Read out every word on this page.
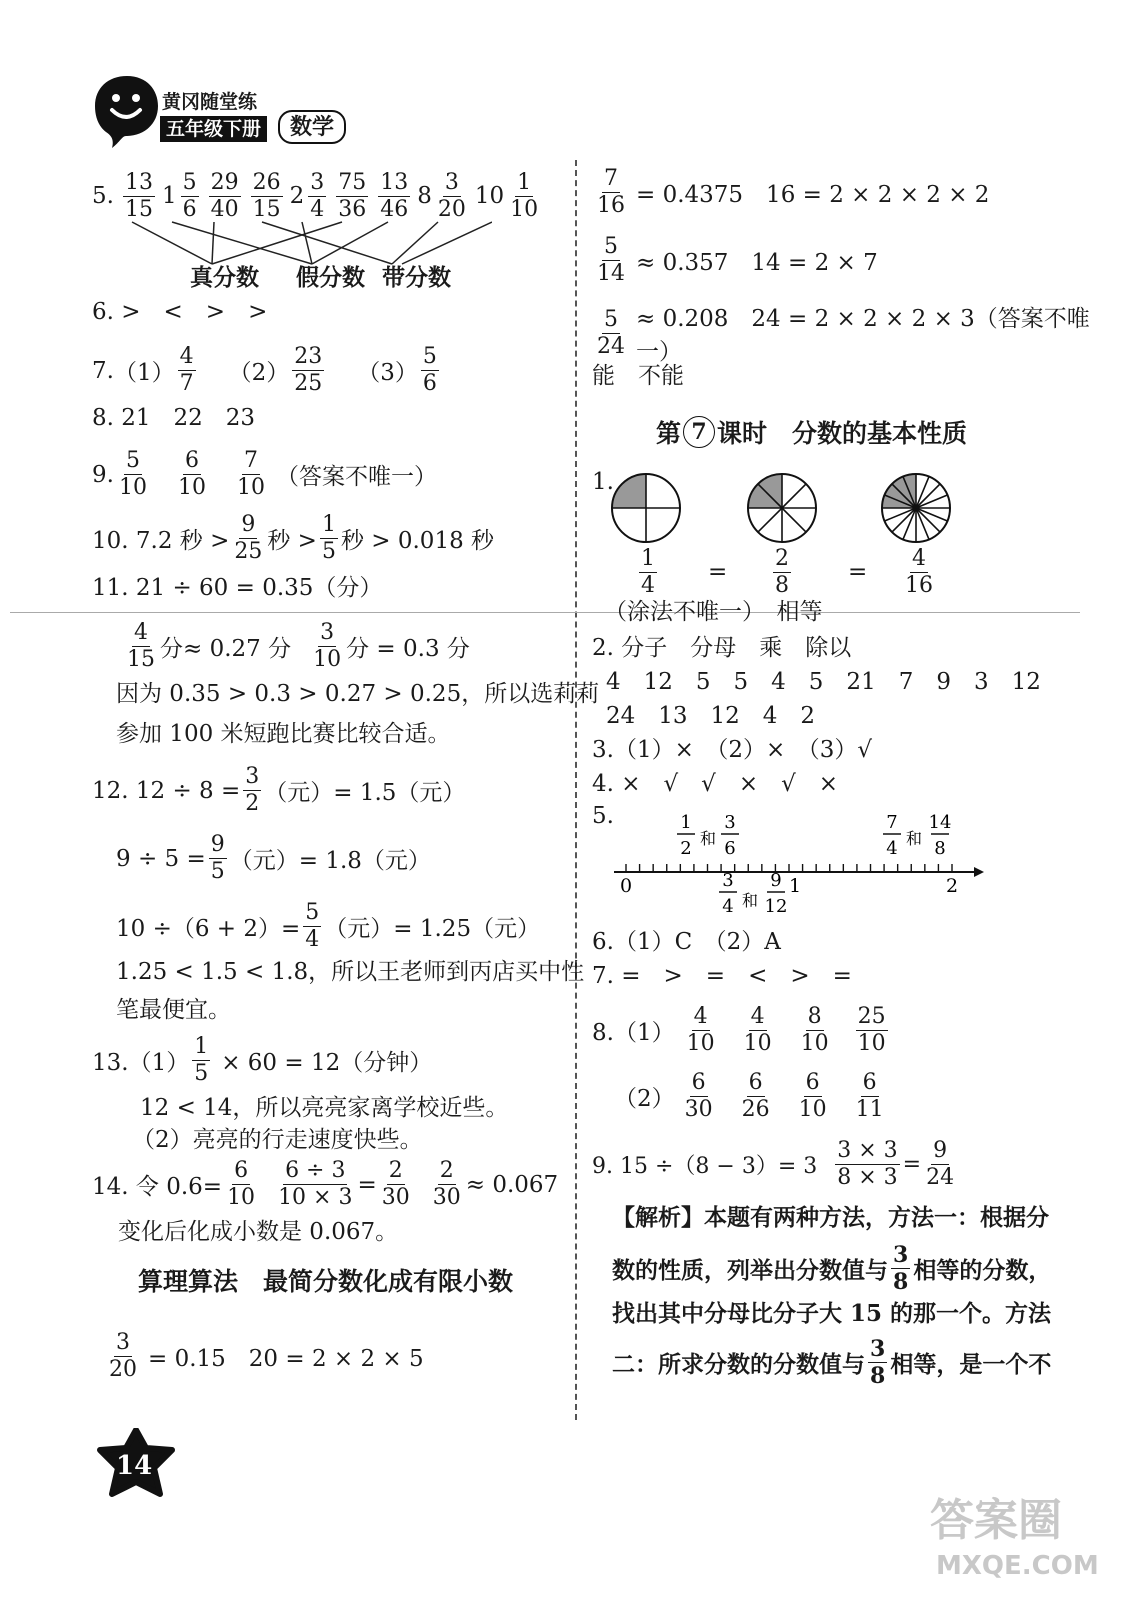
黄冈随堂练
五年级下册	数学
5. $\frac{13}{15} 1 \frac{5}{6} \frac{29}{40} \frac{26}{15} 2 \frac{3}{4} \frac{75}{36} \frac{13}{46} 8 \frac{3}{20} 10 \frac{1}{10}$
真分数 假分数 带分数
6. >　<　>　>
7. $(1) \frac{4}{7} (2) \frac{23}{25} (3) \frac{5}{6}$
8. 21　22　23
9. $\frac{5}{10} \frac{6}{10} \frac{7}{10}$ （答案不唯一）
10. 7.2 秒 > $\frac{9}{25}$ 秒 > $\frac{1}{5}$ 秒 > 0.018 秒
11. 21 ÷ 60 = 0.35（分）
$\frac{4}{15}$ 分≈ 0.27 分 $\frac{3}{10}$ 分 = 0.3 分
因为 0.35 > 0.3 > 0.27 > 0.25，所以选莉莉
参加 100 米短跑比赛比较合适。
12. $12 \div 8 = \frac{3}{2}$ （元）= 1.5（元）
$9 \div 5 = \frac{9}{5}$ （元）= 1.8（元）
$10 \div(6 + 2)= \frac{5}{4}$ （元）= 1.25（元）
1.25 < 1.5 < 1.8，所以王老师到丙店买中性
笔最便宜。
$13.(1) \frac{1}{5} \times 60 = 12$（分钟）
12 < 14，所以亮亮家离学校近些。
（2）亮亮的行走速度快些。
14. 令 $0.6= \frac{6}{10} \frac{6 \div 3}{10 \times 3} = \frac{2}{30} \frac{2}{30} \approx 0.067$
变化后化成小数是 0.067。
算理算法　最简分数化成有限小数
$\frac{3}{20} = 0.15$　20 = 2 × 2 × 5
$\frac{7}{16} = 0.4375$　16 = 2 × 2 × 2 × 2
$\frac{5}{14} \approx 0.357$　14 = 2 × 7
$\frac{5}{24} \approx 0.208$　24 = 2 × 2 × 2 × 3（答案不唯一）
能　不能
第 7 课时　分数的基本性质
1.
$\frac{1}{4} = \frac{2}{8} = \frac{4}{16}$
（涂法不唯一）　相等
2. 分子　分母　乘　除以
4　12　5　5　4　5　21　7　9　3　12
24　13　12　4　2
3.（1）×　（2）×　（3）√
4. ×　√　√　×　√　×
5.
0	1	2
1
2 和
3
6
7
4 和
14
8
3
4 和
9
12
6.（1）C　（2）A
7. =　>　=　<　>　=
$8.(1) \frac{4}{10} \frac{4}{10} \frac{8}{10} \frac{25}{10}$
$(2) \frac{6}{30} \frac{6}{26} \frac{6}{10} \frac{6}{11}$
9. $15 \div(8 - 3)= 3 \frac{3 \times 3}{8 \times 3} = \frac{9}{24}$
【解析】本题有两种方法，方法一：根据分
数的性质，列举出分数值与 $\frac{3}{8}$ 相等的分数，
找出其中分母比分子大 15 的那一个。方法
二：所求分数的分数值与 $\frac{3}{8}$ 相等，是一个不
14
答案圈
MXQE.COM
